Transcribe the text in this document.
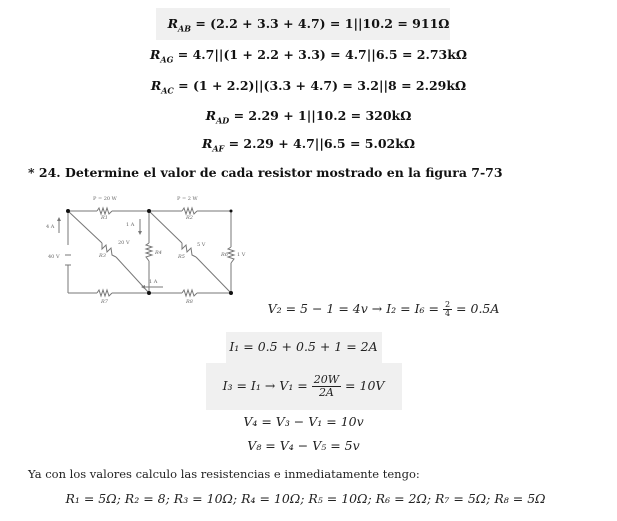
$R_{AB} = (2.2 + 3.3 + 4.7) = 1||10.2 = 911\Omega$
$R_{AG} = 4.7||(1 + 2.2 + 3.3) = 4.7||6.5 = 2.73k\Omega$
$R_{AC} = (1 + 2.2)||(3.3 + 4.7) = 3.2||8 = 2.29k\Omega$
$R_{AD} = 2.29 + 1||10.2 = 320k\Omega$
$R_{AF} = 2.29 + 4.7||6.5 = 5.02k\Omega$
* 24. Determine el valor de cada resistor mostrado en la figura 7-73
P = 20 W	P = 2 W
4 A
40 V
1 A
1 A
20 V	5 V
1 V
R1	R2
R3	R4
R5	R6
R7	R8	$V_2 = 5 - 1 = 4v \to I_2 = I_6 = \frac{2}{4} = 0.5A$
I₁ = 0.5 + 0.5 + 1 = 2A
$I_3 = I_1 \to V_1 = \frac{20W}{2A} = 10V$
V₄ = V₃ − V₁ = 10v
V₈ = V₄ − V₅ = 5v
Ya con los valores calculo las resistencias e inmediatamente tengo:
R₁ = 5Ω; R₂ = 8; R₃ = 10Ω; R₄ = 10Ω; R₅ = 10Ω; R₆ = 2Ω; R₇ = 5Ω; R₈ = 5Ω
